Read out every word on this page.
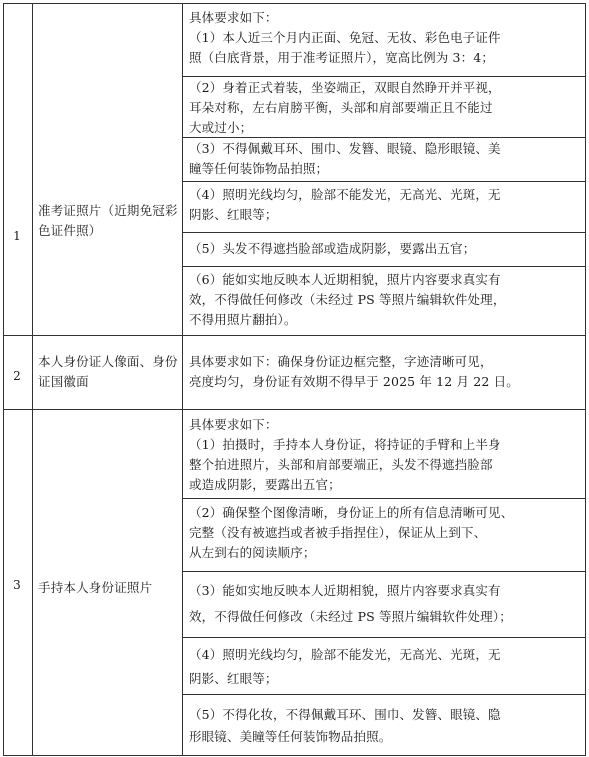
1
2
3
准考证照片（近期免冠彩色证件照）
本人身份证人像面、身份证国徽面
手持本人身份证照片
具体要求如下：
（1）本人近三个月内正面、免冠、无妆、彩色电子证件
照（白底背景，用于准考证照片），宽高比例为 3：4；
（2）身着正式着装，坐姿端正，双眼自然睁开并平视，
耳朵对称，左右肩膀平衡，头部和肩部要端正且不能过
大或过小；
（3）不得佩戴耳环、围巾、发簪、眼镜、隐形眼镜、美
瞳等任何装饰物品拍照；
（4）照明光线均匀，脸部不能发光，无高光、光斑，无
阴影、红眼等；
（5）头发不得遮挡脸部或造成阴影，要露出五官；
（6）能如实地反映本人近期相貌，照片内容要求真实有
效，不得做任何修改（未经过 PS 等照片编辑软件处理，
不得用照片翻拍）。
具体要求如下：确保身份证边框完整，字迹清晰可见，
亮度均匀，身份证有效期不得早于 2025 年 12 月 22 日。
具体要求如下：
（1）拍摄时，手持本人身份证，将持证的手臂和上半身
整个拍进照片，头部和肩部要端正，头发不得遮挡脸部
或造成阴影，要露出五官；
（2）确保整个图像清晰，身份证上的所有信息清晰可见、
完整（没有被遮挡或者被手指捏住），保证从上到下、
从左到右的阅读顺序；
（3）能如实地反映本人近期相貌，照片内容要求真实有
效，不得做任何修改（未经过 PS 等照片编辑软件处理）；
（4）照明光线均匀，脸部不能发光，无高光、光斑，无
阴影、红眼等；
（5）不得化妆，不得佩戴耳环、围巾、发簪、眼镜、隐
形眼镜、美瞳等任何装饰物品拍照。
